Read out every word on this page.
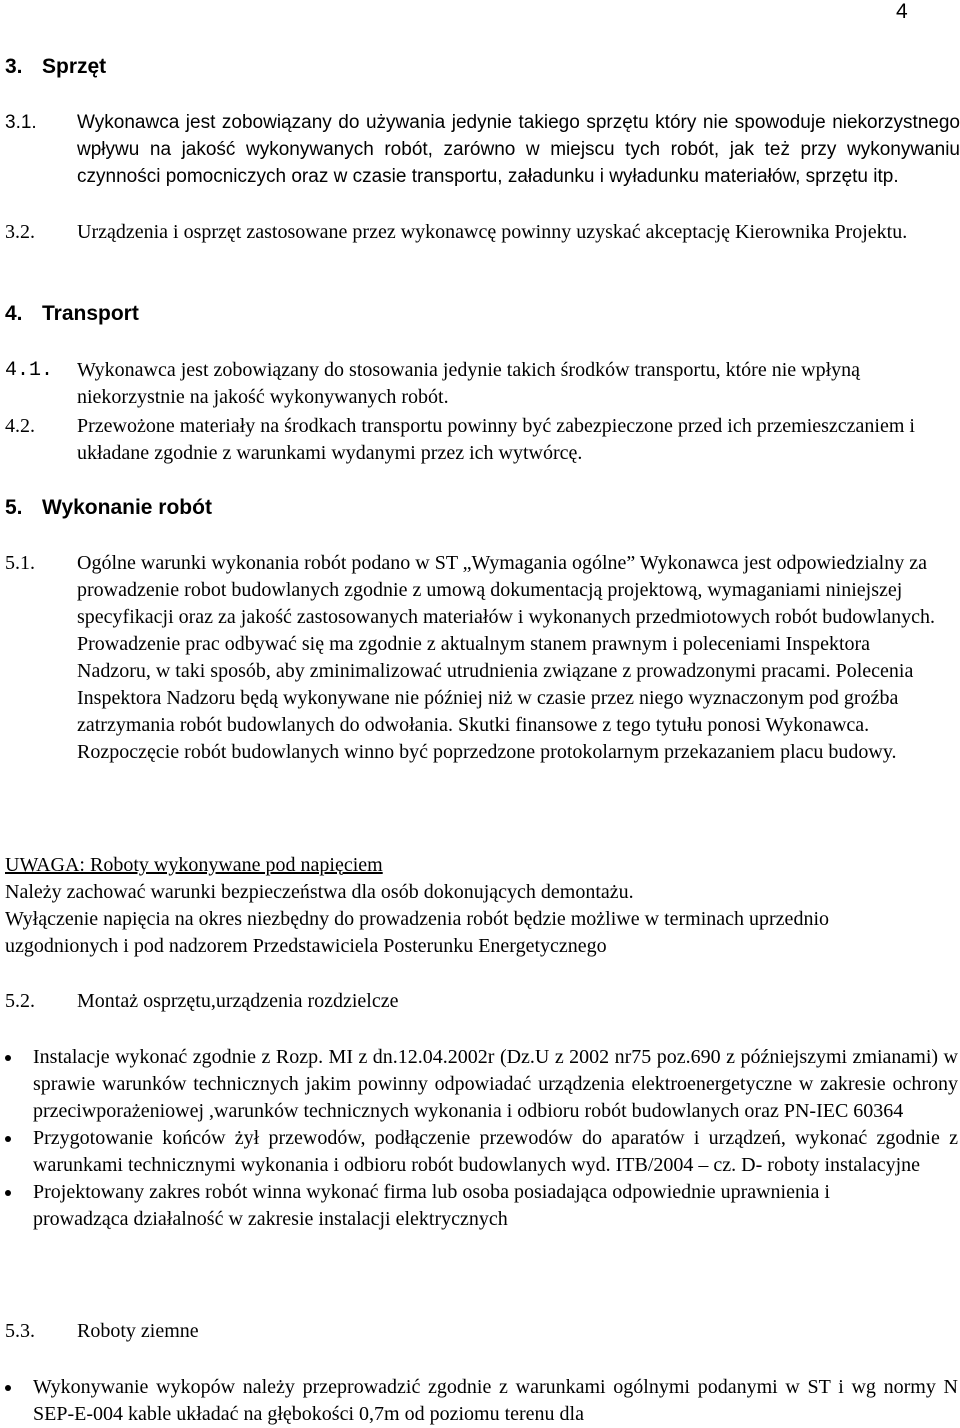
4
3. Sprzęt
3.1. Wykonawca jest zobowiązany do używania jedynie takiego sprzętu który nie spowoduje niekorzystnego wpływu na jakość wykonywanych robót, zarówno w miejscu tych robót, jak też przy wykonywaniu czynności pomocniczych oraz w czasie transportu, załadunku i wyładunku materiałów, sprzętu itp.
3.2. Urządzenia i osprzęt zastosowane przez wykonawcę powinny uzyskać akceptację Kierownika Projektu.
4. Transport
4.1. Wykonawca jest zobowiązany do stosowania jedynie takich środków transportu, które nie wpłyną niekorzystnie na jakość wykonywanych robót.
4.2. Przewożone materiały na środkach transportu powinny być zabezpieczone przed ich przemieszczaniem i układane zgodnie z warunkami wydanymi przez ich wytwórcę.
5. Wykonanie robót
5.1. Ogólne warunki wykonania robót podano w ST „Wymagania ogólne” Wykonawca jest odpowiedzialny za prowadzenie robot budowlanych zgodnie z umową dokumentacją projektową, wymaganiami niniejszej specyfikacji oraz za jakość zastosowanych materiałów i wykonanych przedmiotowych robót budowlanych. Prowadzenie prac odbywać się ma zgodnie z aktualnym stanem prawnym i poleceniami Inspektora Nadzoru, w taki sposób, aby zminimalizować utrudnienia związane z prowadzonymi pracami. Polecenia Inspektora Nadzoru będą wykonywane nie później niż w czasie przez niego wyznaczonym pod groźba zatrzymania robót budowlanych do odwołania. Skutki finansowe z tego tytułu ponosi Wykonawca. Rozpoczęcie robót budowlanych winno być poprzedzone protokolarnym przekazaniem placu budowy.
UWAGA: Roboty wykonywane pod napięciem
Należy zachować warunki bezpieczeństwa dla osób dokonujących demontażu.
Wyłączenie napięcia na okres niezbędny do prowadzenia robót będzie możliwe w terminach uprzednio uzgodnionych i pod nadzorem Przedstawiciela Posterunku Energetycznego
5.2. Montaż osprzętu,urządzenia rozdzielcze
Instalacje wykonać zgodnie z Rozp. MI z dn.12.04.2002r (Dz.U z 2002 nr75 poz.690 z późniejszymi zmianami) w sprawie warunków technicznych jakim powinny odpowiadać urządzenia elektroenergetyczne w zakresie ochrony przeciwporażeniowej ,warunków technicznych wykonania i odbioru robót budowlanych oraz PN-IEC 60364
Przygotowanie końców żył przewodów, podłączenie przewodów do aparatów i urządzeń, wykonać zgodnie z warunkami technicznymi wykonania i odbioru robót budowlanych wyd. ITB/2004 – cz. D- roboty instalacyjne
Projektowany zakres robót winna wykonać firma lub osoba posiadająca odpowiednie uprawnienia i prowadząca działalność w zakresie instalacji elektrycznych
5.3. Roboty ziemne
Wykonywanie wykopów należy przeprowadzić zgodnie z warunkami ogólnymi podanymi w ST i wg normy N SEP-E-004 kable układać na głębokości 0,7m od poziomu terenu dla
